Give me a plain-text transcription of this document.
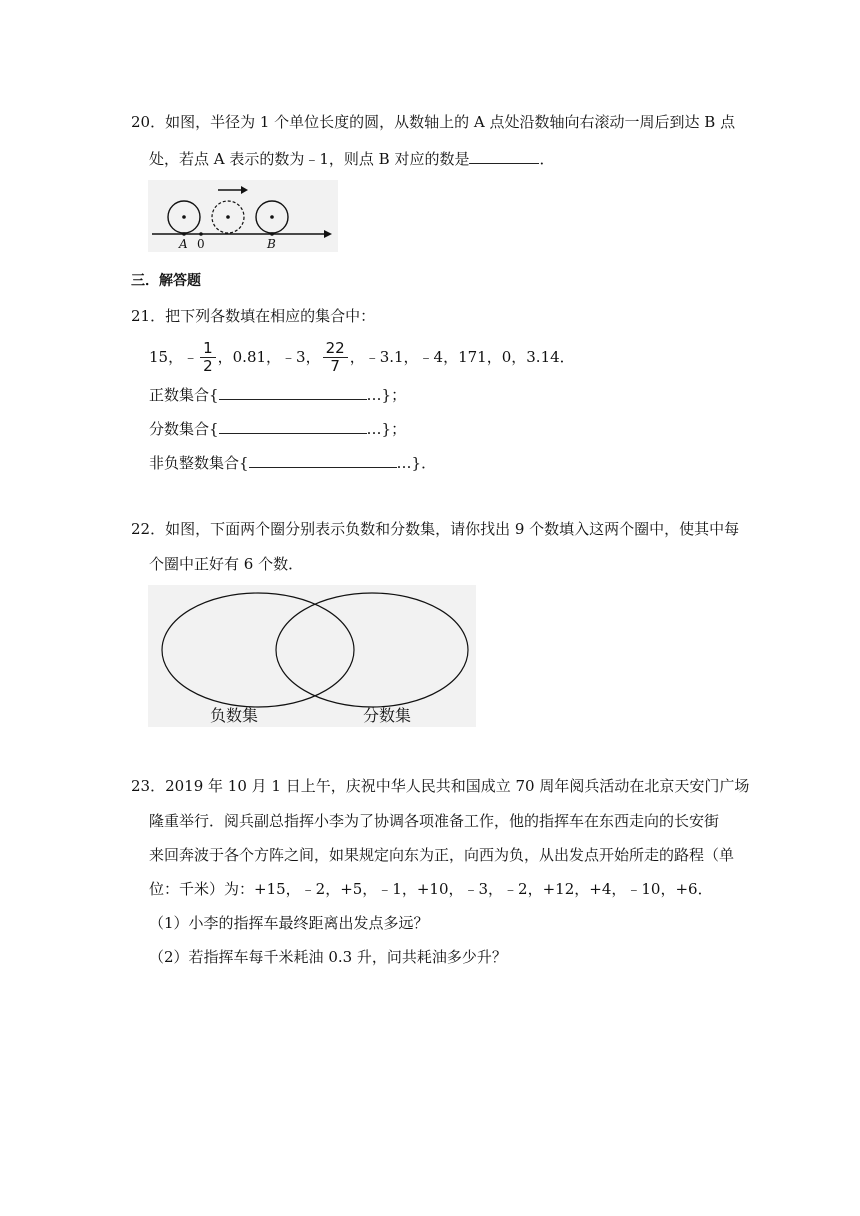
20．如图，半径为 1 个单位长度的圆，从数轴上的 A 点处沿数轴向右滚动一周后到达 B 点
处，若点 A 表示的数为﹣1，则点 B 对应的数是	．
A 0	B
三．解答题
21．把下列各数填在相应的集合中：
15，﹣ $\frac{1}{2}$ ，0.81，﹣3， $\frac{22}{7}$ ，﹣3.1，﹣4，171，0，3.14．
正数集合{	…}；
分数集合{	…}；
非负整数集合{	…}．
22．如图，下面两个圈分别表示负数和分数集，请你找出 9 个数填入这两个圈中，使其中每
个圈中正好有 6 个数．
负数集	分数集
23．2019 年 10 月 1 日上午，庆祝中华人民共和国成立 70 周年阅兵活动在北京天安门广场
隆重举行．阅兵副总指挥小李为了协调各项准备工作，他的指挥车在东西走向的长安街
来回奔波于各个方阵之间，如果规定向东为正，向西为负，从出发点开始所走的路程（单
位：千米）为：+15，﹣2，+5，﹣1，+10，﹣3，﹣2，+12，+4，﹣10，+6．
（1）小李的指挥车最终距离出发点多远？
（2）若指挥车每千米耗油 0.3 升，问共耗油多少升？
